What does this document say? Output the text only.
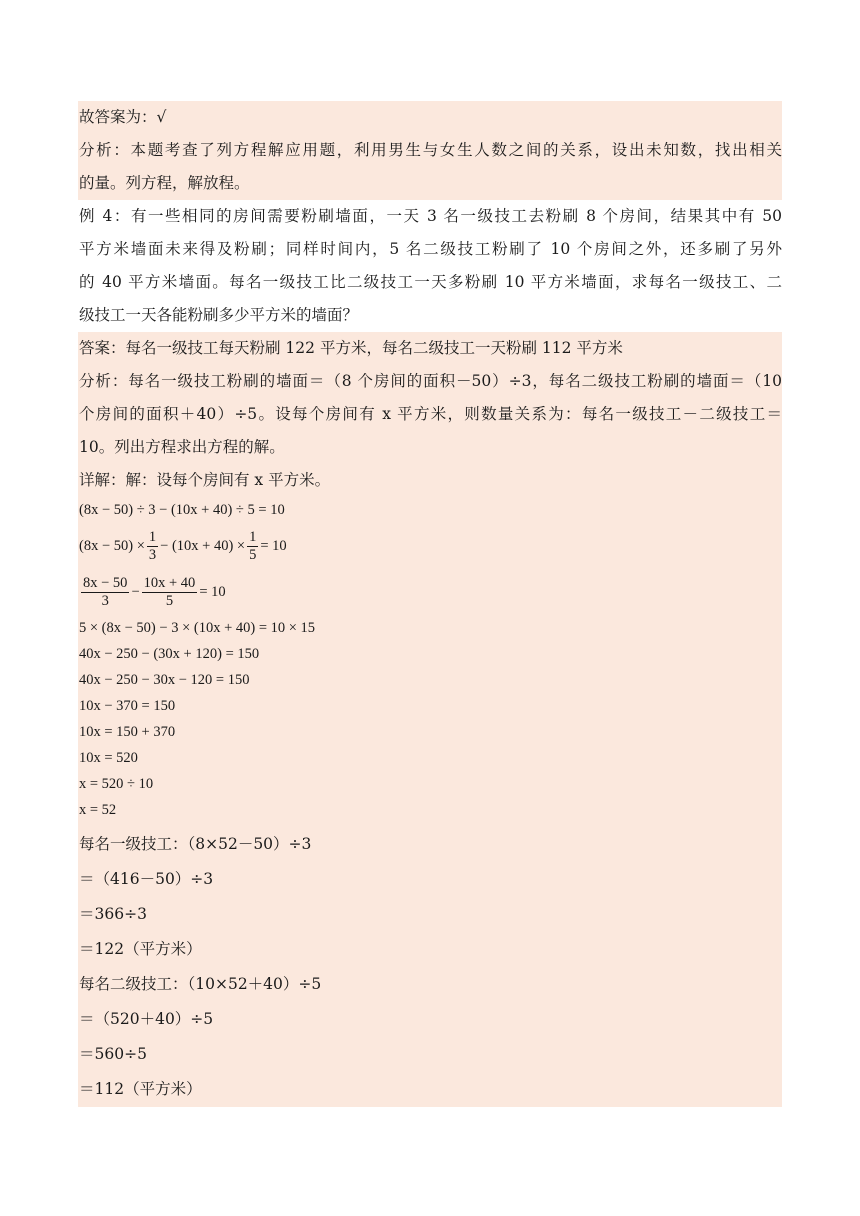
故答案为：√
分析：本题考查了列方程解应用题，利用男生与女生人数之间的关系，设出未知数，找出相关
的量。列方程，解放程。
例 4：有一些相同的房间需要粉刷墙面，一天 3 名一级技工去粉刷 8 个房间，结果其中有 50
平方米墙面未来得及粉刷；同样时间内，5 名二级技工粉刷了 10 个房间之外，还多刷了另外
的 40 平方米墙面。每名一级技工比二级技工一天多粉刷 10 平方米墙面，求每名一级技工、二
级技工一天各能粉刷多少平方米的墙面？
答案：每名一级技工每天粉刷 122 平方米，每名二级技工一天粉刷 112 平方米
分析：每名一级技工粉刷的墙面＝（8 个房间的面积－50）÷3，每名二级技工粉刷的墙面＝（10
个房间的面积＋40）÷5。设每个房间有 x 平方米，则数量关系为：每名一级技工－二级技工＝
10。列出方程求出方程的解。
详解：解：设每个房间有 x 平方米。
(8x − 50) ÷ 3 − (10x + 40) ÷ 5 = 10
$(8x - 50) \times \frac{1}{3} - (10x + 40) \times \frac{1}{5} = 10$
$\frac{8x - 50}{3} - \frac{10x + 40}{5} = 10$
5 × (8x − 50) − 3 × (10x + 40) = 10 × 15
40x − 250 − (30x + 120) = 150
40x − 250 − 30x − 120 = 150
10x − 370 = 150
10x = 150 + 370
10x = 520
x = 520 ÷ 10
x = 52
每名一级技工：（8×52－50）÷3
＝（416－50）÷3
＝366÷3
＝122（平方米）
每名二级技工：（10×52＋40）÷5
＝（520＋40）÷5
＝560÷5
＝112（平方米）
